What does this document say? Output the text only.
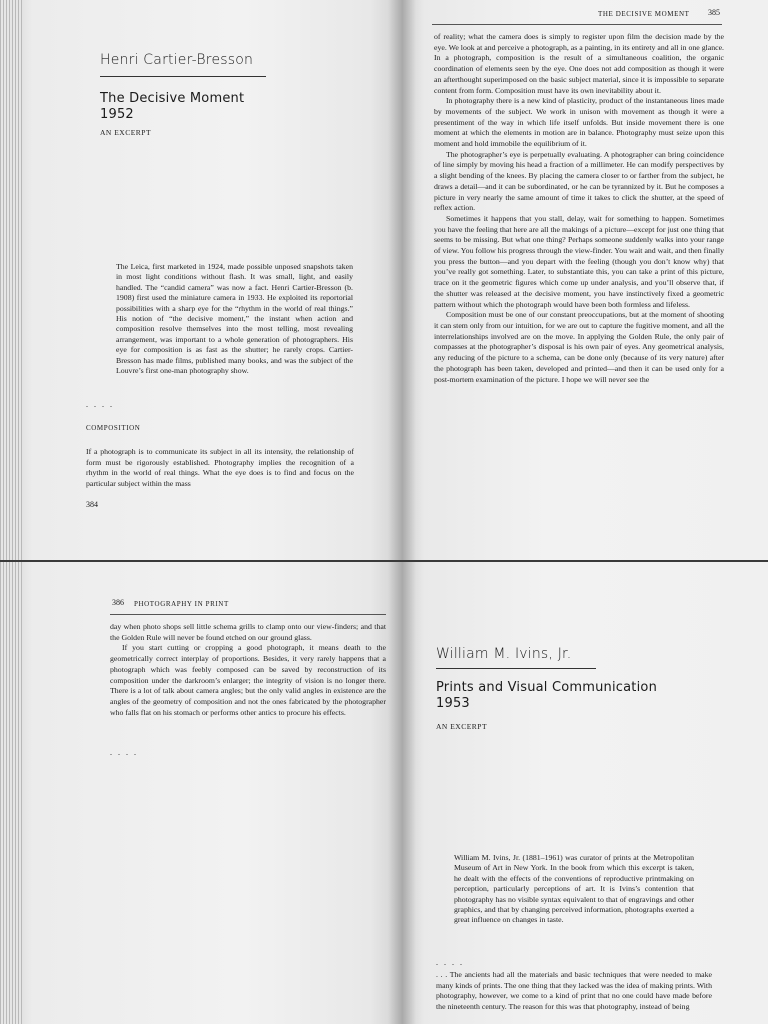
Henri Cartier-Bresson
The Decisive Moment
1952
AN EXCERPT

The Leica, first marketed in 1924, made possible unposed snapshots taken in most light conditions without flash. It was small, light, and easily handled. The “candid camera” was now a fact. Henri Cartier-Bresson (b. 1908) first used the miniature camera in 1933. He exploited its reportorial possibilities with a sharp eye for the “rhythm in the world of real things.” His notion of “the decisive moment,” the instant when action and composition resolve themselves into the most telling, most revealing arrangement, was important to a whole generation of photographers. His eye for composition is as fast as the shutter; he rarely crops. Cartier-Bresson has made films, published many books, and was the subject of the Louvre’s first one-man photography show.

. . . .
COMPOSITION

If a photograph is to communicate its subject in all its intensity, the relationship of form must be rigorously established. Photography implies the recognition of a rhythm in the world of real things. What the eye does is to find and focus on the particular subject within the mass

384
THE DECISIVE MOMENT 385

of reality; what the camera does is simply to register upon film the decision made by the eye. We look at and perceive a photograph, as a painting, in its entirety and all in one glance. In a photograph, composition is the result of a simultaneous coalition, the organic coordination of elements seen by the eye. One does not add composition as though it were an afterthought superimposed on the basic subject material, since it is impossible to separate content from form. Composition must have its own inevitability about it.

In photography there is a new kind of plasticity, product of the instantaneous lines made by movements of the subject. We work in unison with movement as though it were a presentiment of the way in which life itself unfolds. But inside movement there is one moment at which the elements in motion are in balance. Photography must seize upon this moment and hold immobile the equilibrium of it.

The photographer’s eye is perpetually evaluating. A photographer can bring coincidence of line simply by moving his head a fraction of a millimeter. He can modify perspectives by a slight bending of the knees. By placing the camera closer to or farther from the subject, he draws a detail—and it can be subordinated, or he can be tyrannized by it. But he composes a picture in very nearly the same amount of time it takes to click the shutter, at the speed of reflex action.

Sometimes it happens that you stall, delay, wait for something to happen. Sometimes you have the feeling that here are all the makings of a picture—except for just one thing that seems to be missing. But what one thing? Perhaps someone suddenly walks into your range of view. You follow his progress through the view-finder. You wait and wait, and then finally you press the button—and you depart with the feeling (though you don’t know why) that you’ve really got something. Later, to substantiate this, you can take a print of this picture, trace on it the geometric figures which come up under analysis, and you’ll observe that, if the shutter was released at the decisive moment, you have instinctively fixed a geometric pattern without which the photograph would have been both formless and lifeless.

Composition must be one of our constant preoccupations, but at the moment of shooting it can stem only from our intuition, for we are out to capture the fugitive moment, and all the interrelationships involved are on the move. In applying the Golden Rule, the only pair of compasses at the photographer’s disposal is his own pair of eyes. Any geometrical analysis, any reducing of the picture to a schema, can be done only (because of its very nature) after the photograph has been taken, developed and printed—and then it can be used only for a post-mortem examination of the picture. I hope we will never see the

386 PHOTOGRAPHY IN PRINT

day when photo shops sell little schema grills to clamp onto our view-finders; and that the Golden Rule will never be found etched on our ground glass.

If you start cutting or cropping a good photograph, it means death to the geometrically correct interplay of proportions. Besides, it very rarely happens that a photograph which was feebly composed can be saved by reconstruction of its composition under the darkroom’s enlarger; the integrity of vision is no longer there. There is a lot of talk about camera angles; but the only valid angles in existence are the angles of the geometry of composition and not the ones fabricated by the photographer who falls flat on his stomach or performs other antics to procure his effects.

. . . .
William M. Ivins, Jr.
Prints and Visual Communication
1953
AN EXCERPT

William M. Ivins, Jr. (1881–1961) was curator of prints at the Metropolitan Museum of Art in New York. In the book from which this excerpt is taken, he dealt with the effects of the conventions of reproductive printmaking on perception, particularly perceptions of art. It is Ivins’s contention that photography has no visible syntax equivalent to that of engravings and other graphics, and that by changing perceived information, photographs exerted a great influence on changes in taste.

. . . .

. . . The ancients had all the materials and basic techniques that were needed to make many kinds of prints. The one thing that they lacked was the idea of making prints. With photography, however, we come to a kind of print that no one could have made before the nineteenth century. The reason for this was that photography, instead of being
